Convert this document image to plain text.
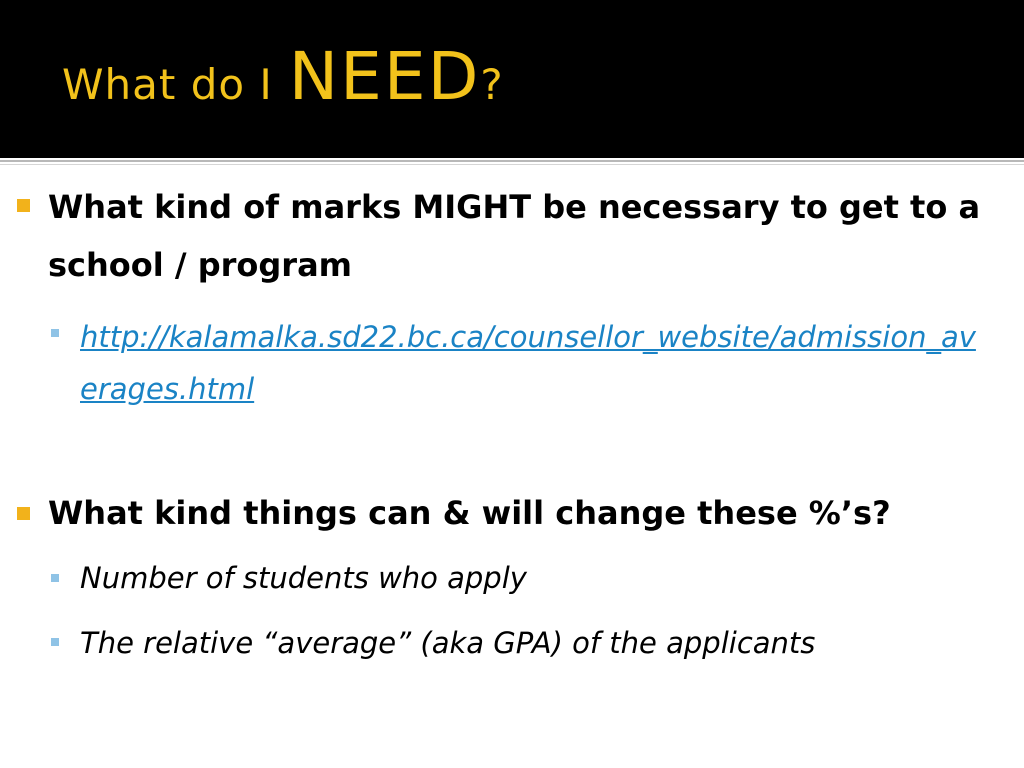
What do I NEED?
What kind of marks MIGHT be necessary to get to a school / program
http://kalamalka.sd22.bc.ca/counsellor_website/admission_averages.html
What kind things can & will change these %’s?
Number of students who apply
The relative “average” (aka GPA) of the applicants
